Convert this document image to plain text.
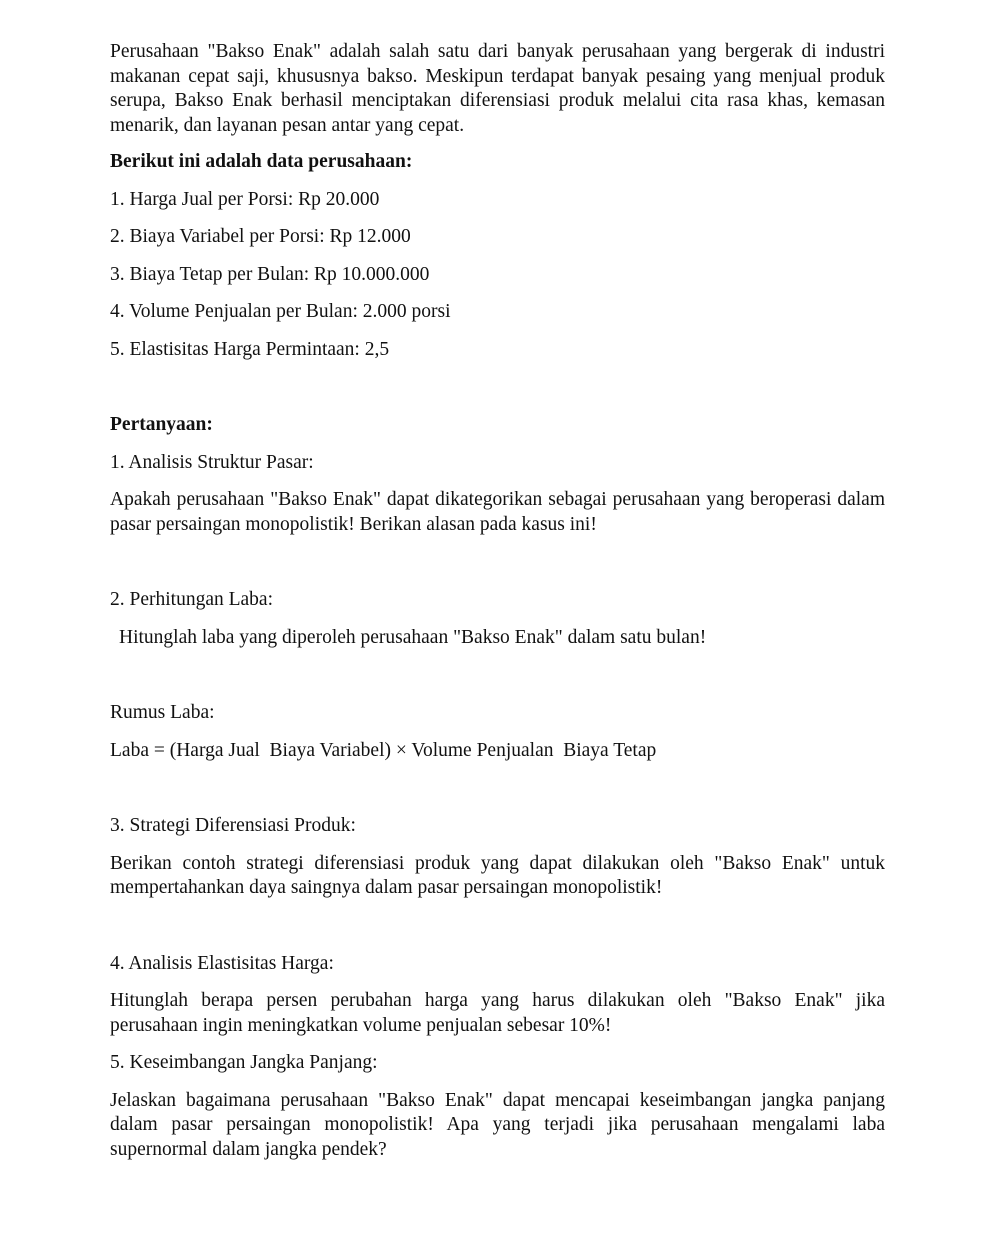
Perusahaan "Bakso Enak" adalah salah satu dari banyak perusahaan yang bergerak di industri makanan cepat saji, khususnya bakso. Meskipun terdapat banyak pesaing yang menjual produk serupa, Bakso Enak berhasil menciptakan diferensiasi produk melalui cita rasa khas, kemasan menarik, dan layanan pesan antar yang cepat.

Berikut ini adalah data perusahaan:

1. Harga Jual per Porsi: Rp 20.000

2. Biaya Variabel per Porsi: Rp 12.000

3. Biaya Tetap per Bulan: Rp 10.000.000

4. Volume Penjualan per Bulan: 2.000 porsi

5. Elastisitas Harga Permintaan: 2,5

Pertanyaan:

1. Analisis Struktur Pasar:

Apakah perusahaan "Bakso Enak" dapat dikategorikan sebagai perusahaan yang beroperasi dalam pasar persaingan monopolistik! Berikan alasan pada kasus ini!

2. Perhitungan Laba:

Hitunglah laba yang diperoleh perusahaan "Bakso Enak" dalam satu bulan!

Rumus Laba:

Laba = (Harga Jual  Biaya Variabel) × Volume Penjualan  Biaya Tetap

3. Strategi Diferensiasi Produk:

Berikan contoh strategi diferensiasi produk yang dapat dilakukan oleh "Bakso Enak" untuk mempertahankan daya saingnya dalam pasar persaingan monopolistik!

4. Analisis Elastisitas Harga:

Hitunglah berapa persen perubahan harga yang harus dilakukan oleh "Bakso Enak" jika perusahaan ingin meningkatkan volume penjualan sebesar 10%!

5. Keseimbangan Jangka Panjang:

Jelaskan bagaimana perusahaan "Bakso Enak" dapat mencapai keseimbangan jangka panjang dalam pasar persaingan monopolistik! Apa yang terjadi jika perusahaan mengalami laba supernormal dalam jangka pendek?
